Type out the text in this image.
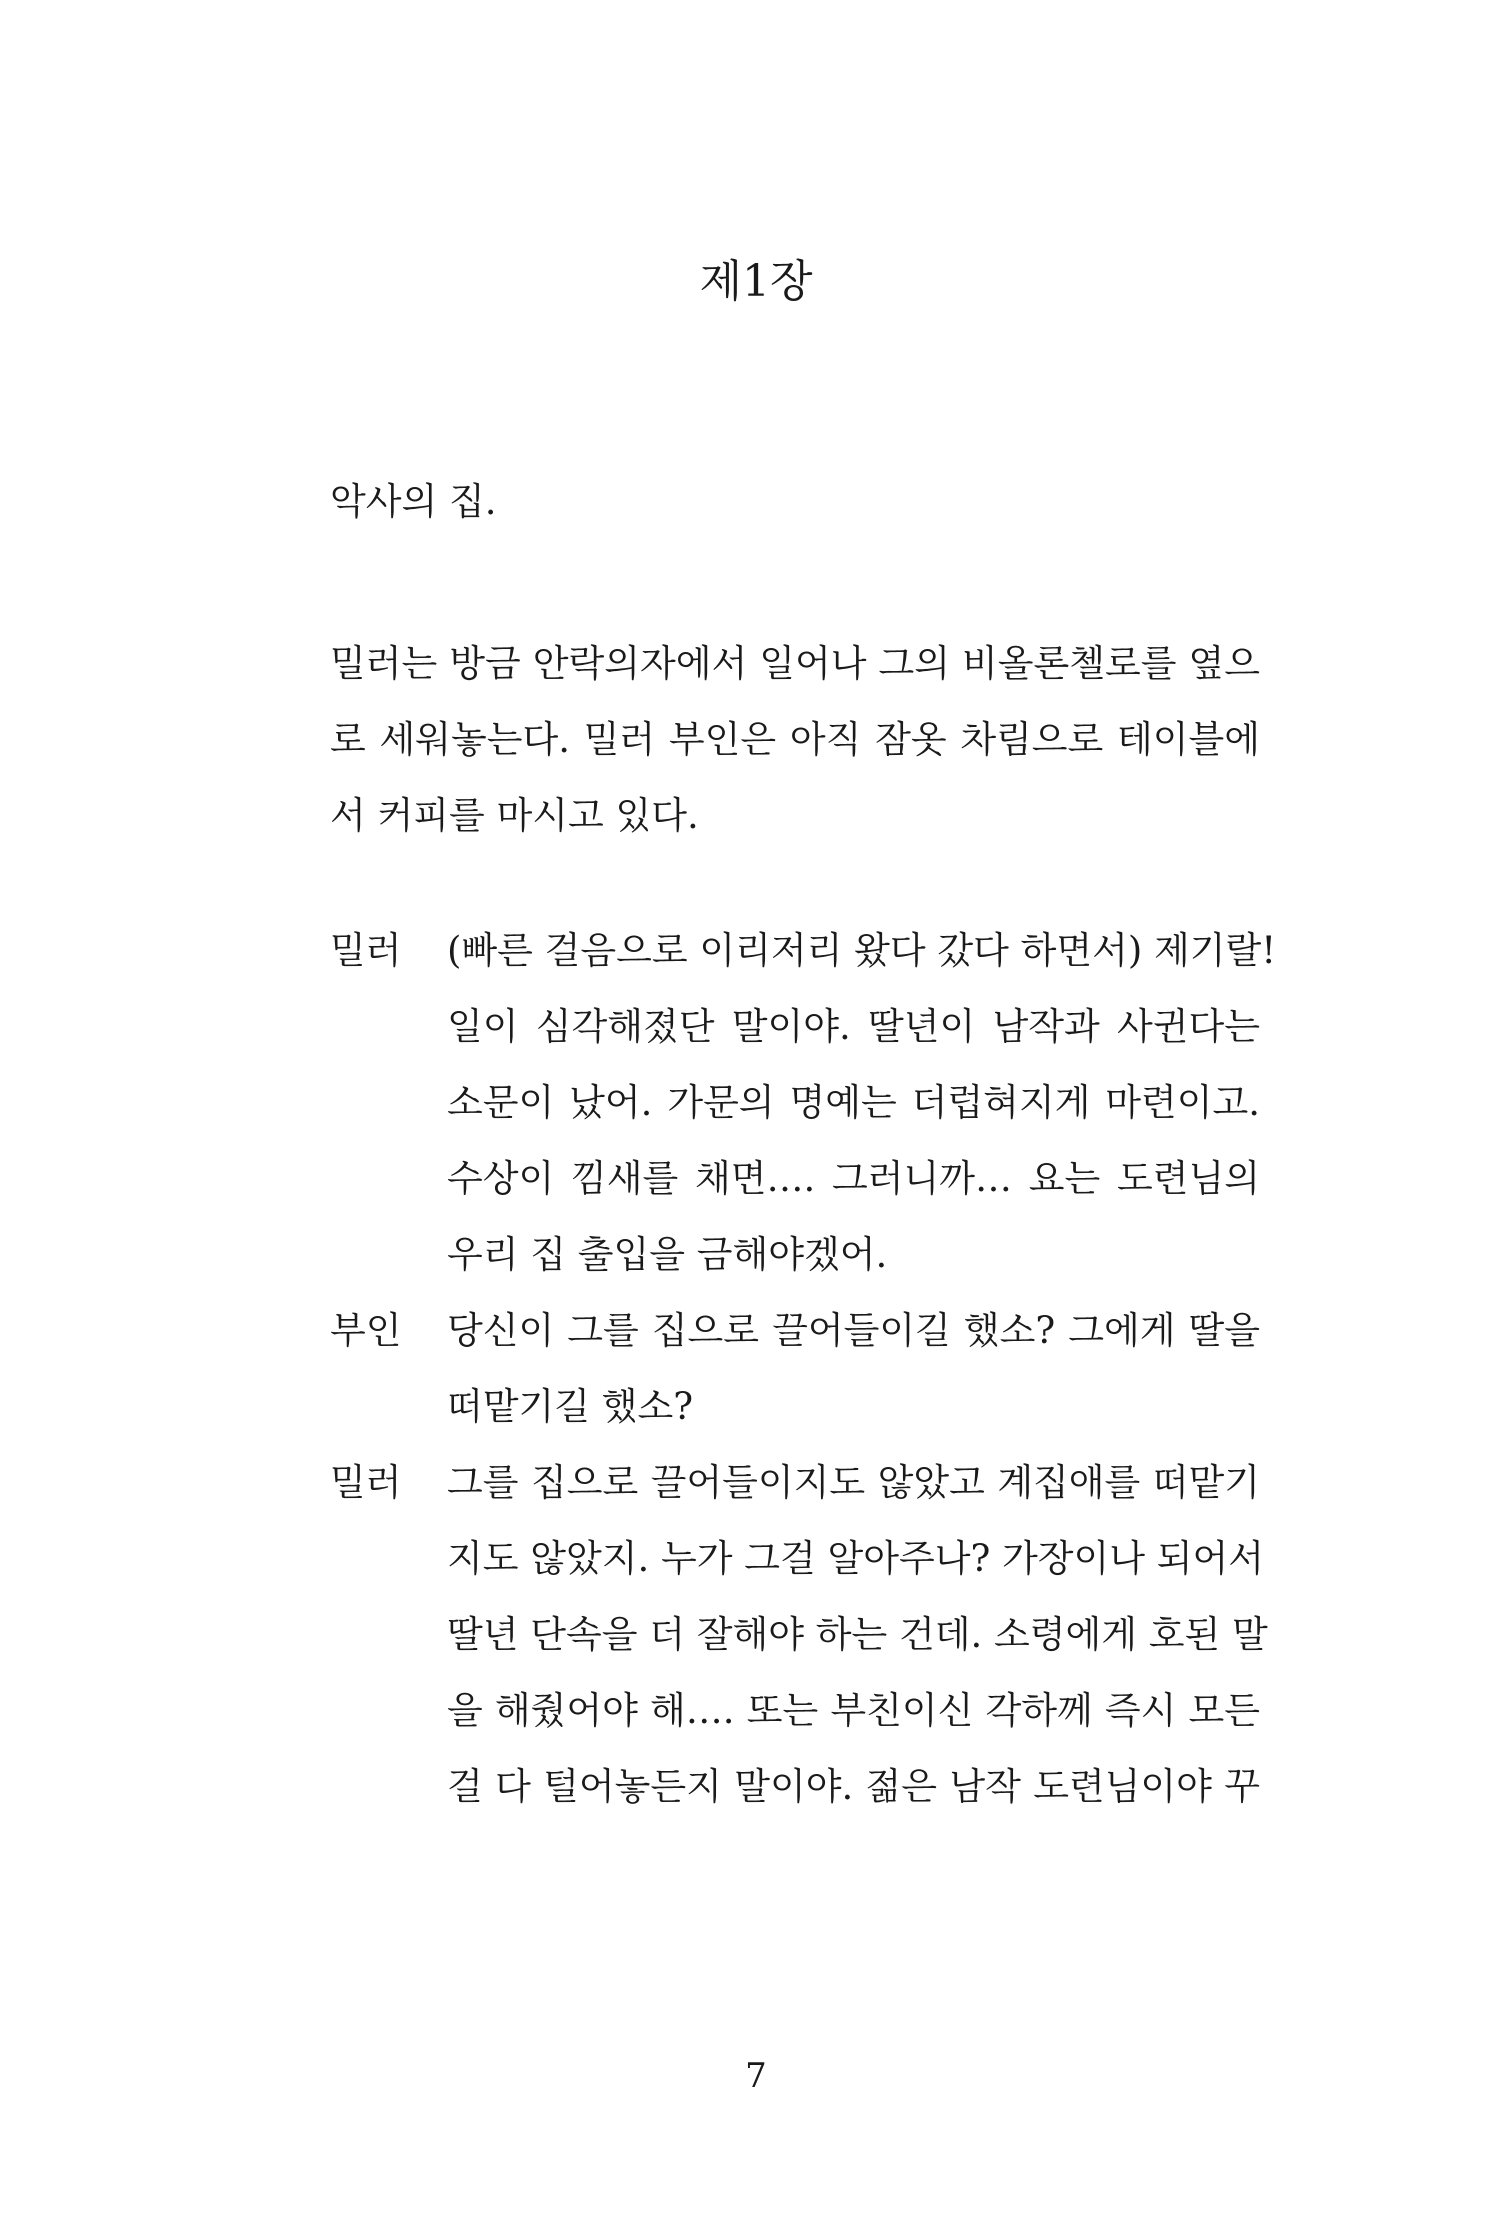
제1장

악사의 집.

밀러는 방금 안락의자에서 일어나 그의 비올론첼로를 옆으
로 세워놓는다. 밀러 부인은 아직 잠옷 차림으로 테이블에
서 커피를 마시고 있다.

밀러	(빠른 걸음으로 이리저리 왔다 갔다 하면서) 제기랄!
일이 심각해졌단 말이야. 딸년이 남작과 사귄다는
소문이 났어. 가문의 명예는 더럽혀지게 마련이고.
수상이 낌새를 채면…. 그러니까… 요는 도련님의
우리 집 출입을 금해야겠어.
부인	당신이 그를 집으로 끌어들이길 했소? 그에게 딸을
떠맡기길 했소?
밀러	그를 집으로 끌어들이지도 않았고 계집애를 떠맡기
지도 않았지. 누가 그걸 알아주나? 가장이나 되어서
딸년 단속을 더 잘해야 하는 건데. 소령에게 호된 말
을 해줬어야 해…. 또는 부친이신 각하께 즉시 모든
걸 다 털어놓든지 말이야. 젊은 남작 도련님이야 꾸
7
